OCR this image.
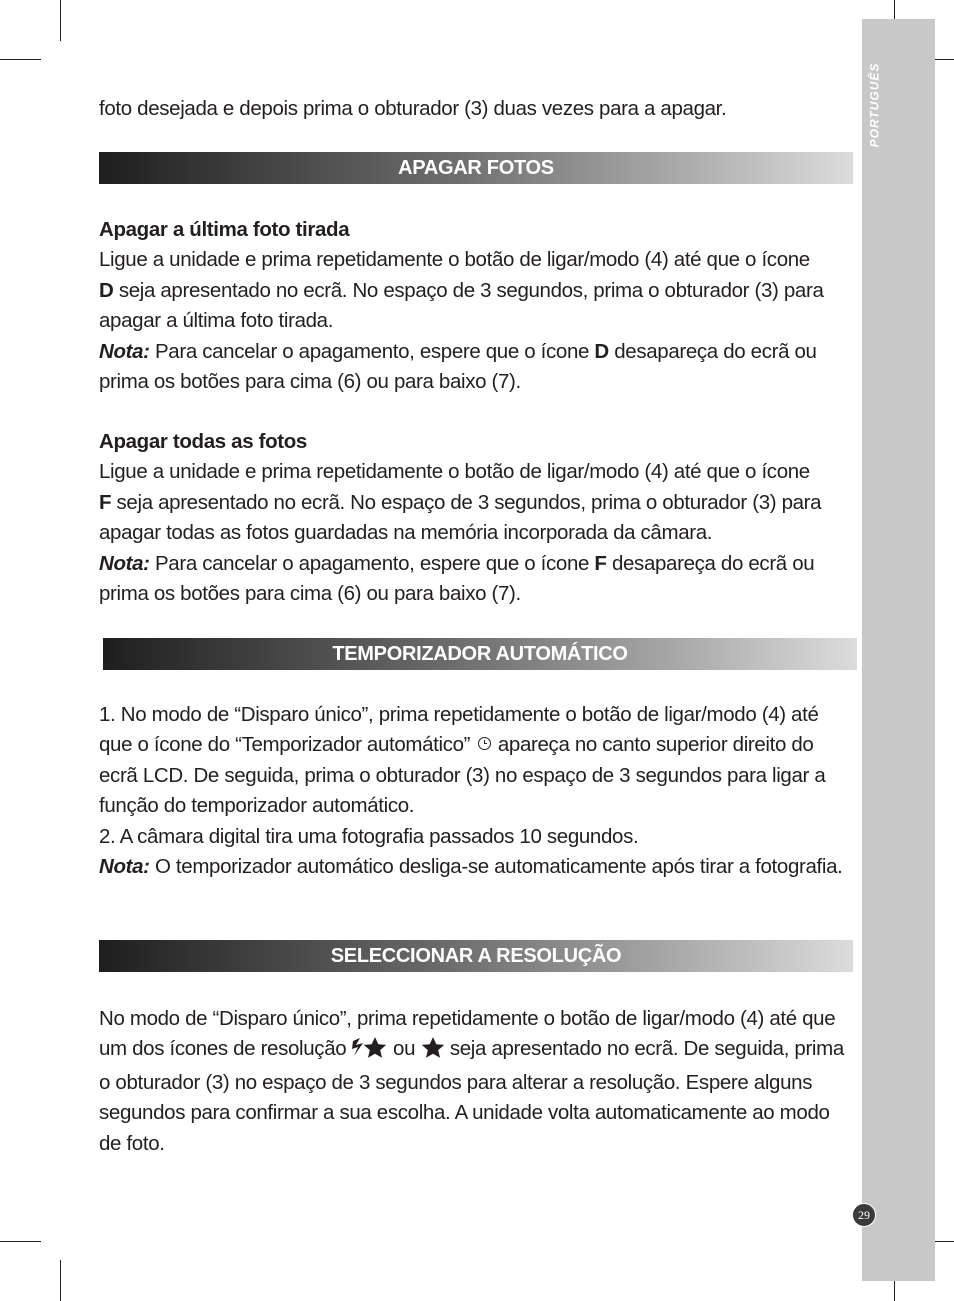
PORTUGUÊS
29

foto desejada e depois prima o obturador (3) duas vezes para a apagar.

APAGAR FOTOS

Apagar a última foto tirada

Ligue a unidade e prima repetidamente o botão de ligar/modo (4) até que o ícone
D seja apresentado no ecrã. No espaço de 3 segundos, prima o obturador (3) para apagar a última foto tirada.

Nota: Para cancelar o apagamento, espere que o ícone D desapareça do ecrã ou prima os botões para cima (6) ou para baixo (7).

Apagar todas as fotos

Ligue a unidade e prima repetidamente o botão de ligar/modo (4) até que o ícone
F seja apresentado no ecrã. No espaço de 3 segundos, prima o obturador (3) para apagar todas as fotos guardadas na memória incorporada da câmara.

Nota: Para cancelar o apagamento, espere que o ícone F desapareça do ecrã ou prima os botões para cima (6) ou para baixo (7).

TEMPORIZADOR AUTOMÁTICO

1. No modo de “Disparo único”, prima repetidamente o botão de ligar/modo (4) até que o ícone do “Temporizador automático”  apareça no canto superior direito do ecrã LCD. De seguida, prima o obturador (3) no espaço de 3 segundos para ligar a função do temporizador automático.

2. A câmara digital tira uma fotografia passados 10 segundos.

Nota: O temporizador automático desliga-se automaticamente após tirar a fotografia.

SELECCIONAR A RESOLUÇÃO

No modo de “Disparo único”, prima repetidamente o botão de ligar/modo (4) até que um dos ícones de resolução ou seja apresentado no ecrã. De seguida, prima o obturador (3) no espaço de 3 segundos para alterar a resolução. Espere alguns segundos para confirmar a sua escolha. A unidade volta automaticamente ao modo de foto.
